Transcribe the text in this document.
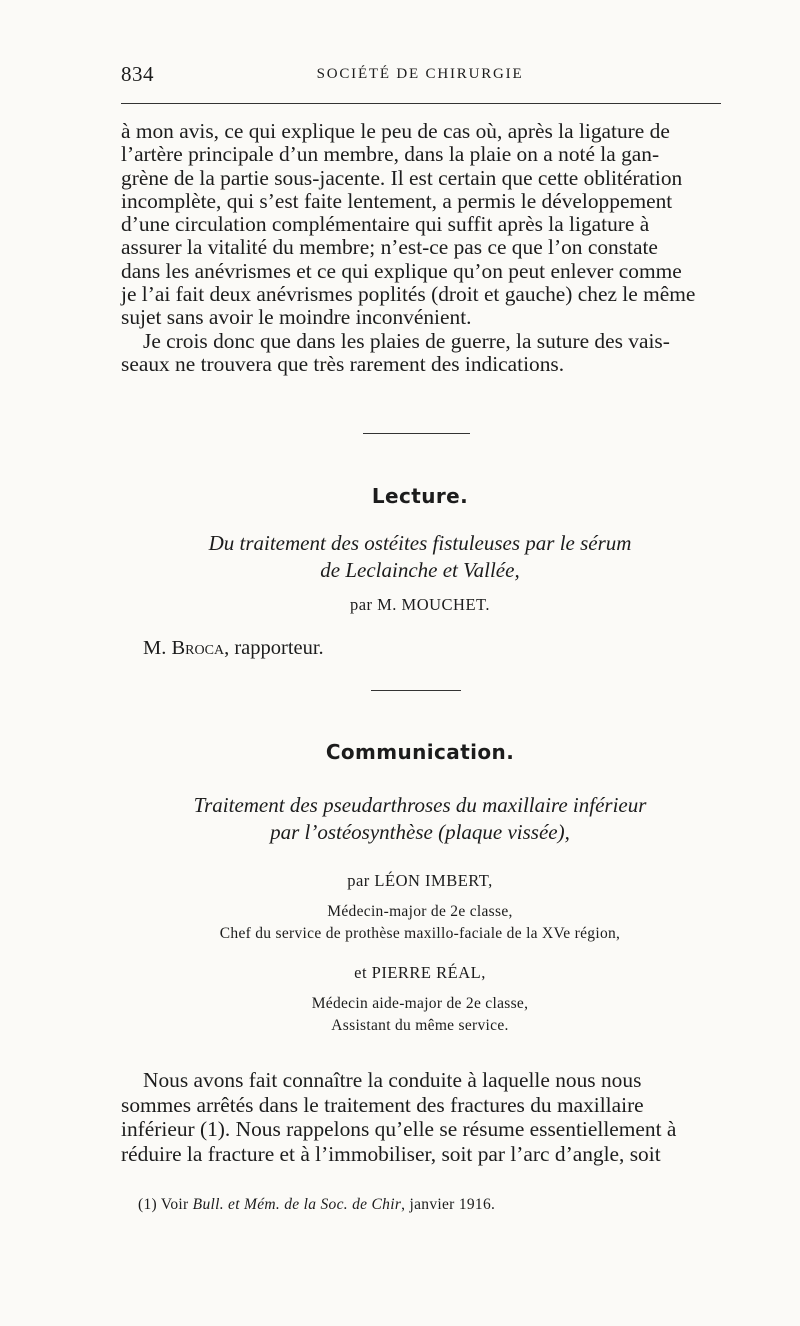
834	SOCIÉTÉ DE CHIRURGIE

à mon avis, ce qui explique le peu de cas où, après la ligature de

l’artère principale d’un membre, dans la plaie on a noté la gan-

grène de la partie sous-jacente. Il est certain que cette oblitération

incomplète, qui s’est faite lentement, a permis le développement

d’une circulation complémentaire qui suffit après la ligature à

assurer la vitalité du membre; n’est-ce pas ce que l’on constate

dans les anévrismes et ce qui explique qu’on peut enlever comme

je l’ai fait deux anévrismes poplités (droit et gauche) chez le même

sujet sans avoir le moindre inconvénient.

Je crois donc que dans les plaies de guerre, la suture des vais-

seaux ne trouvera que très rarement des indications.

Lecture.
Du traitement des ostéites fistuleuses par le sérum
de Leclainche et Vallée,
par M. MOUCHET.
M. Broca, rapporteur.
Communication.
Traitement des pseudarthroses du maxillaire inférieur
par l’ostéosynthèse (plaque vissée),
par LÉON IMBERT,
Médecin-major de 2e classe,
Chef du service de prothèse maxillo-faciale de la XVe région,
et PIERRE RÉAL,
Médecin aide-major de 2e classe,
Assistant du même service.

Nous avons fait connaître la conduite à laquelle nous nous

sommes arrêtés dans le traitement des fractures du maxillaire

inférieur (1). Nous rappelons qu’elle se résume essentiellement à

réduire la fracture et à l’immobiliser, soit par l’arc d’angle, soit

(1) Voir Bull. et Mém. de la Soc. de Chir, janvier 1916.
